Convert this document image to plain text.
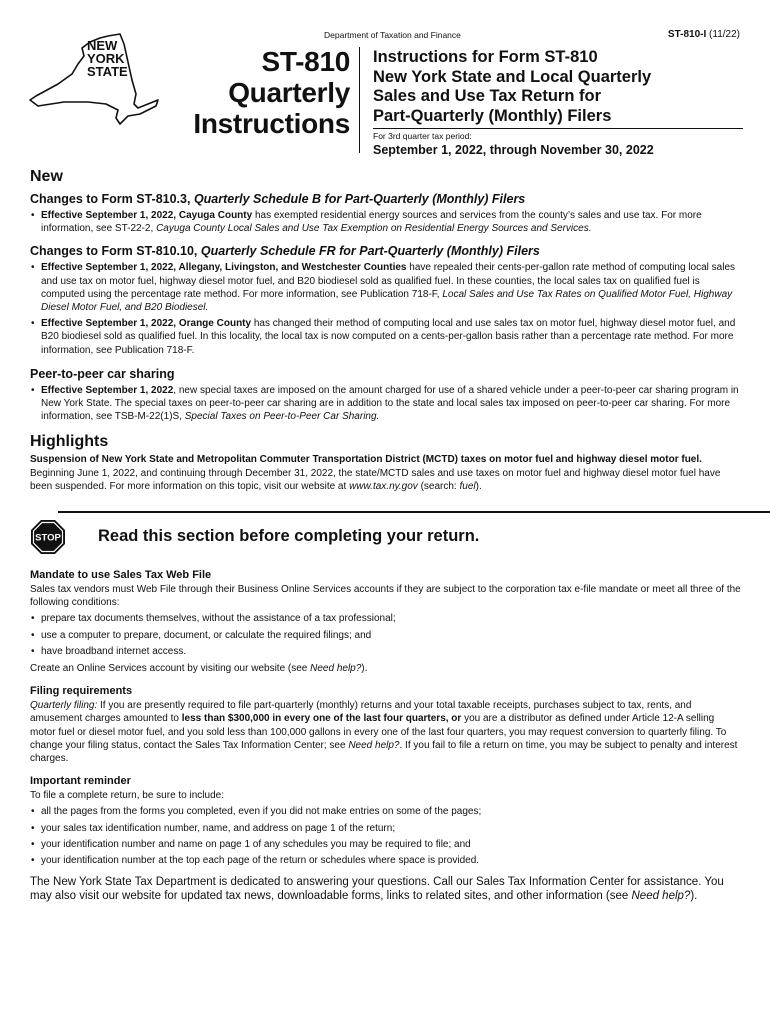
Department of Taxation and Finance	ST-810-I (11/22)
NEW YORK STATE	ST-810
Quarterly
Instructions
Instructions for Form ST-810
New York State and Local Quarterly
Sales and Use Tax Return for
Part-Quarterly (Monthly) Filers
For 3rd quarter tax period:
September 1, 2022, through November 30, 2022
New
Changes to Form ST-810.3, Quarterly Schedule B for Part-Quarterly (Monthly) Filers
• Effective September 1, 2022, Cayuga County has exempted residential energy sources and services from the county’s sales and use tax. For more information, see ST-22-2, Cayuga County Local Sales and Use Tax Exemption on Residential Energy Sources and Services.
Changes to Form ST-810.10, Quarterly Schedule FR for Part-Quarterly (Monthly) Filers
• Effective September 1, 2022, Allegany, Livingston, and Westchester Counties have repealed their cents-per-gallon rate method of computing local sales and use tax on motor fuel, highway diesel motor fuel, and B20 biodiesel sold as qualified fuel. In these counties, the local sales tax on qualified fuel is computed using the percentage rate method. For more information, see Publication 718-F, Local Sales and Use Tax Rates on Qualified Motor Fuel, Highway Diesel Motor Fuel, and B20 Biodiesel.
• Effective September 1, 2022, Orange County has changed their method of computing local and use sales tax on motor fuel, highway diesel motor fuel, and B20 biodiesel sold as qualified fuel. In this locality, the local tax is now computed on a cents-per-gallon basis rather than a percentage rate method. For more information, see Publication 718-F.
Peer-to-peer car sharing
• Effective September 1, 2022, new special taxes are imposed on the amount charged for use of a shared vehicle under a peer-to-peer car sharing program in New York State. The special taxes on peer-to-peer car sharing are in addition to the state and local sales tax imposed on peer-to-peer car sharing. For more information, see TSB-M-22(1)S, Special Taxes on Peer-to-Peer Car Sharing.
Highlights

Suspension of New York State and Metropolitan Commuter Transportation District (MCTD) taxes on motor fuel and highway diesel motor fuel. Beginning June 1, 2022, and continuing through December 31, 2022, the state/MCTD sales and use taxes on motor fuel and highway diesel motor fuel have been suspended. For more information on this topic, visit our website at www.tax.ny.gov (search: fuel).

STOP Read this section before completing your return.
Mandate to use Sales Tax Web File

Sales tax vendors must Web File through their Business Online Services accounts if they are subject to the corporation tax e-file mandate or meet all three of the following conditions:

• prepare tax documents themselves, without the assistance of a tax professional;
• use a computer to prepare, document, or calculate the required filings; and
• have broadband internet access.

Create an Online Services account by visiting our website (see Need help?).

Filing requirements

Quarterly filing: If you are presently required to file part-quarterly (monthly) returns and your total taxable receipts, purchases subject to tax, rents, and amusement charges amounted to less than $300,000 in every one of the last four quarters, or you are a distributor as defined under Article 12-A selling motor fuel or diesel motor fuel, and you sold less than 100,000 gallons in every one of the last four quarters, you may request conversion to quarterly filing. To change your filing status, contact the Sales Tax Information Center; see Need help?. If you fail to file a return on time, you may be subject to penalty and interest charges.

Important reminder

To file a complete return, be sure to include:

• all the pages from the forms you completed, even if you did not make entries on some of the pages;
• your sales tax identification number, name, and address on page 1 of the return;
• your identification number and name on page 1 of any schedules you may be required to file; and
• your identification number at the top each page of the return or schedules where space is provided.

The New York State Tax Department is dedicated to answering your questions. Call our Sales Tax Information Center for assistance. You may also visit our website for updated tax news, downloadable forms, links to related sites, and other information (see Need help?).
